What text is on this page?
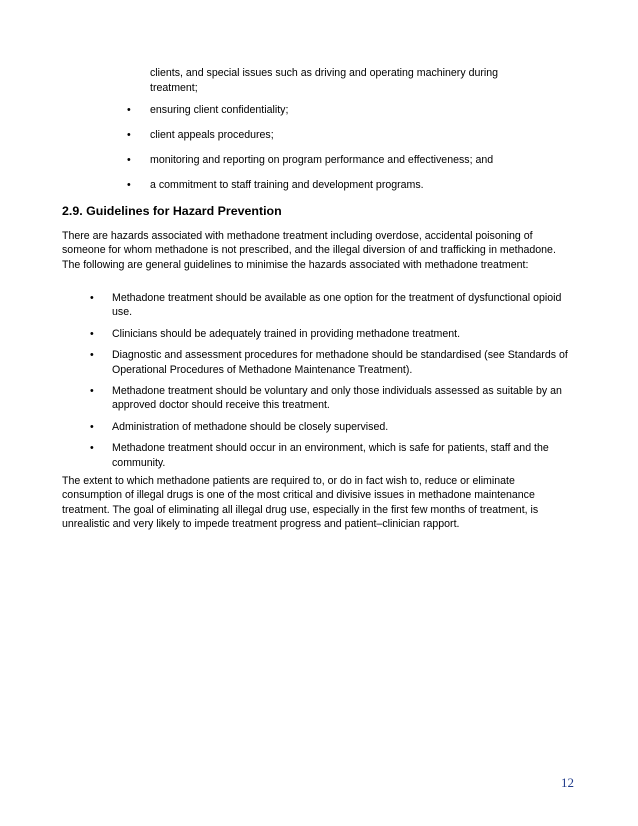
clients, and special issues such as driving and operating machinery during treatment;
• ensuring client confidentiality;
• client appeals procedures;
• monitoring and reporting on program performance and effectiveness; and
• a commitment to staff training and development programs.
2.9. Guidelines for Hazard Prevention

There are hazards associated with methadone treatment including overdose, accidental poisoning of someone for whom methadone is not prescribed, and the illegal diversion of and trafficking in methadone. The following are general guidelines to minimise the hazards associated with methadone treatment:

• Methadone treatment should be available as one option for the treatment of dysfunctional opioid use.
• Clinicians should be adequately trained in providing methadone treatment.
• Diagnostic and assessment procedures for methadone should be standardised (see Standards of Operational Procedures of Methadone Maintenance Treatment).
• Methadone treatment should be voluntary and only those individuals assessed as suitable by an approved doctor should receive this treatment.
• Administration of methadone should be closely supervised.
• Methadone treatment should occur in an environment, which is safe for patients, staff and the community.

The extent to which methadone patients are required to, or do in fact wish to, reduce or eliminate consumption of illegal drugs is one of the most critical and divisive issues in methadone maintenance treatment. The goal of eliminating all illegal drug use, especially in the first few months of treatment, is unrealistic and very likely to impede treatment progress and patient–clinician rapport.

12
